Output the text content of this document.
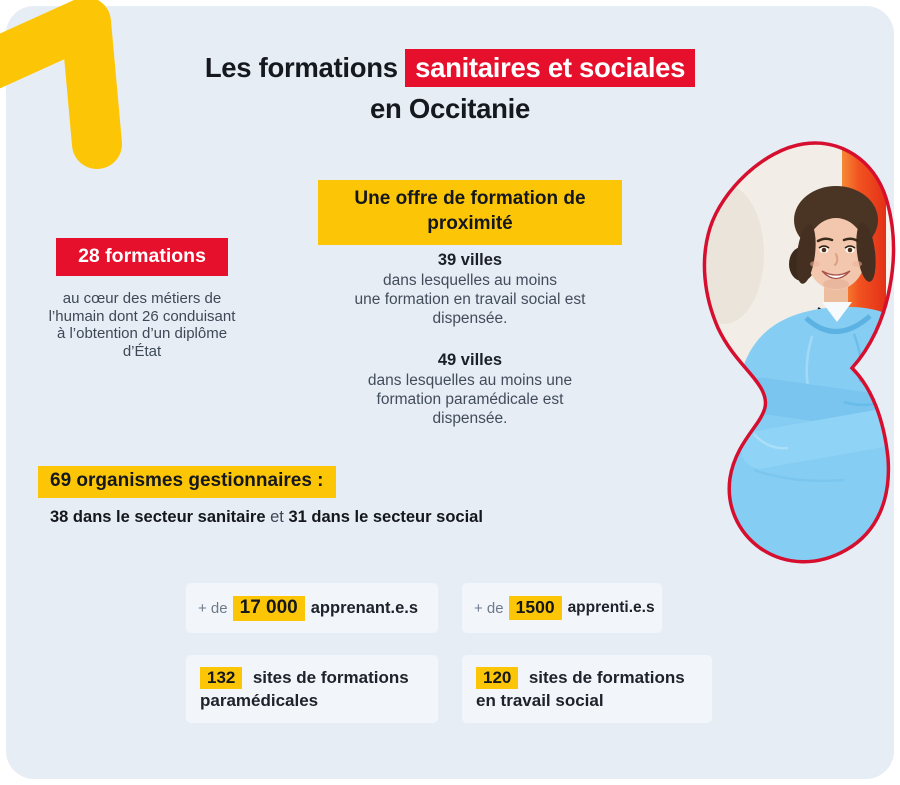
Les formations sanitaires et sociales
en Occitanie
28 formations

au cœur des métiers de
l’humain dont 26 conduisant
à l’obtention d’un diplôme
d’État

Une offre de formation de proximité
39 villes
dans lesquelles au moins
une formation en travail social est
dispensée.
49 villes
dans lesquelles au moins une
formation paramédicale est
dispensée.
69 organismes gestionnaires :
38 dans le secteur sanitaire et 31 dans le secteur social
+ de 17 000 apprenant.e.s	+ de 1500 apprenti.e.s
132 sites de formations
paramédicales
120 sites de formations
en travail social
